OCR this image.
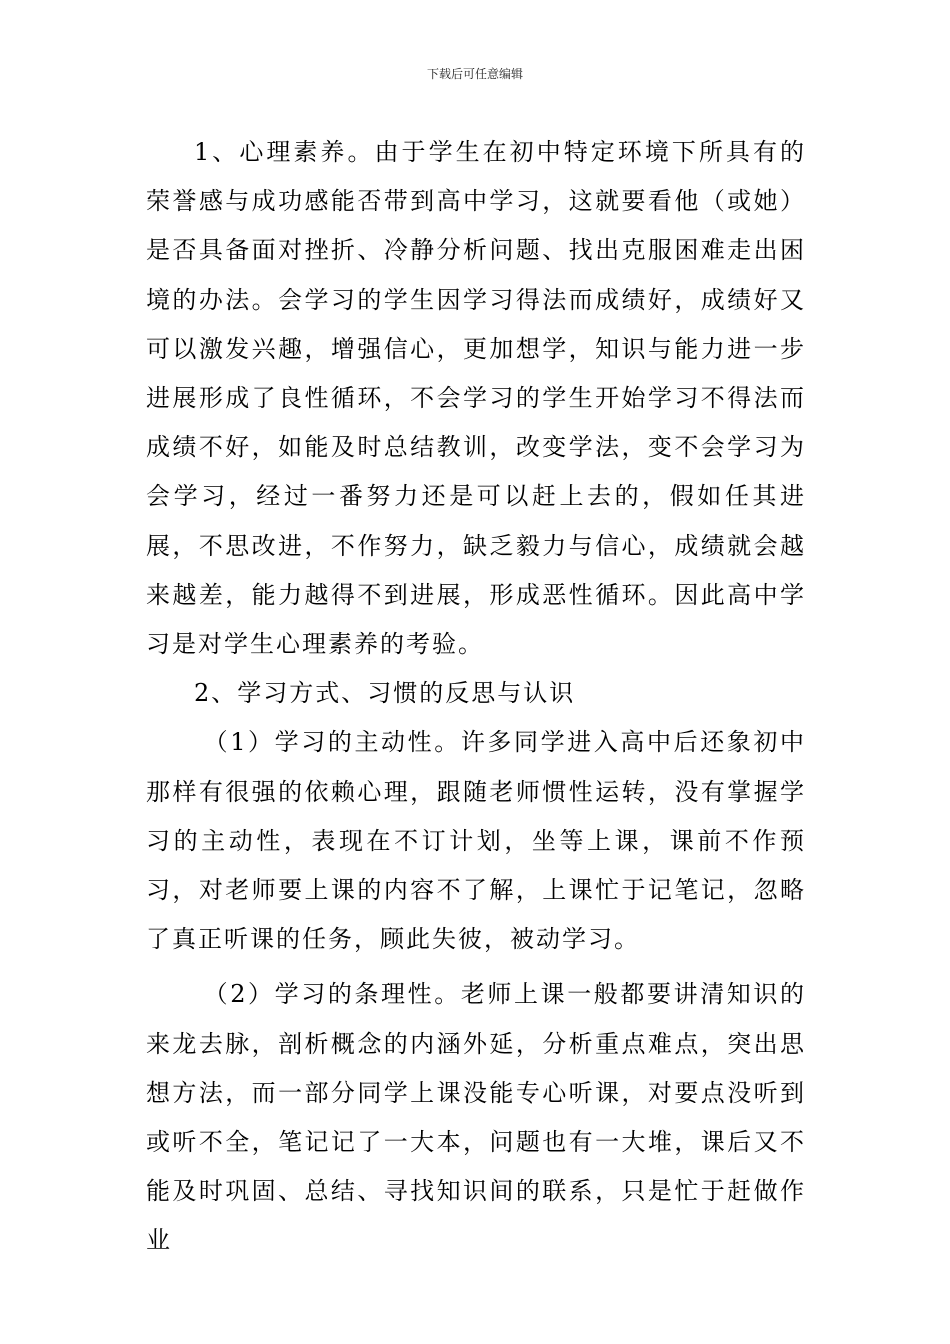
下载后可任意编辑

1、心理素养。由于学生在初中特定环境下所具有的荣誉感与成功感能否带到高中学习，这就要看他（或她）是否具备面对挫折、冷静分析问题、找出克服困难走出困境的办法。会学习的学生因学习得法而成绩好，成绩好又可以激发兴趣，增强信心，更加想学，知识与能力进一步进展形成了良性循环，不会学习的学生开始学习不得法而成绩不好，如能及时总结教训，改变学法，变不会学习为会学习，经过一番努力还是可以赶上去的，假如任其进展，不思改进，不作努力，缺乏毅力与信心，成绩就会越来越差，能力越得不到进展，形成恶性循环。因此高中学习是对学生心理素养的考验。

2、学习方式、习惯的反思与认识

（1）学习的主动性。许多同学进入高中后还象初中那样有很强的依赖心理，跟随老师惯性运转，没有掌握学习的主动性，表现在不订计划，坐等上课，课前不作预习，对老师要上课的内容不了解，上课忙于记笔记，忽略了真正听课的任务，顾此失彼，被动学习。

（2）学习的条理性。老师上课一般都要讲清知识的来龙去脉，剖析概念的内涵外延，分析重点难点，突出思想方法，而一部分同学上课没能专心听课，对要点没听到或听不全，笔记记了一大本，问题也有一大堆，课后又不能及时巩固、总结、寻找知识间的联系，只是忙于赶做作业
